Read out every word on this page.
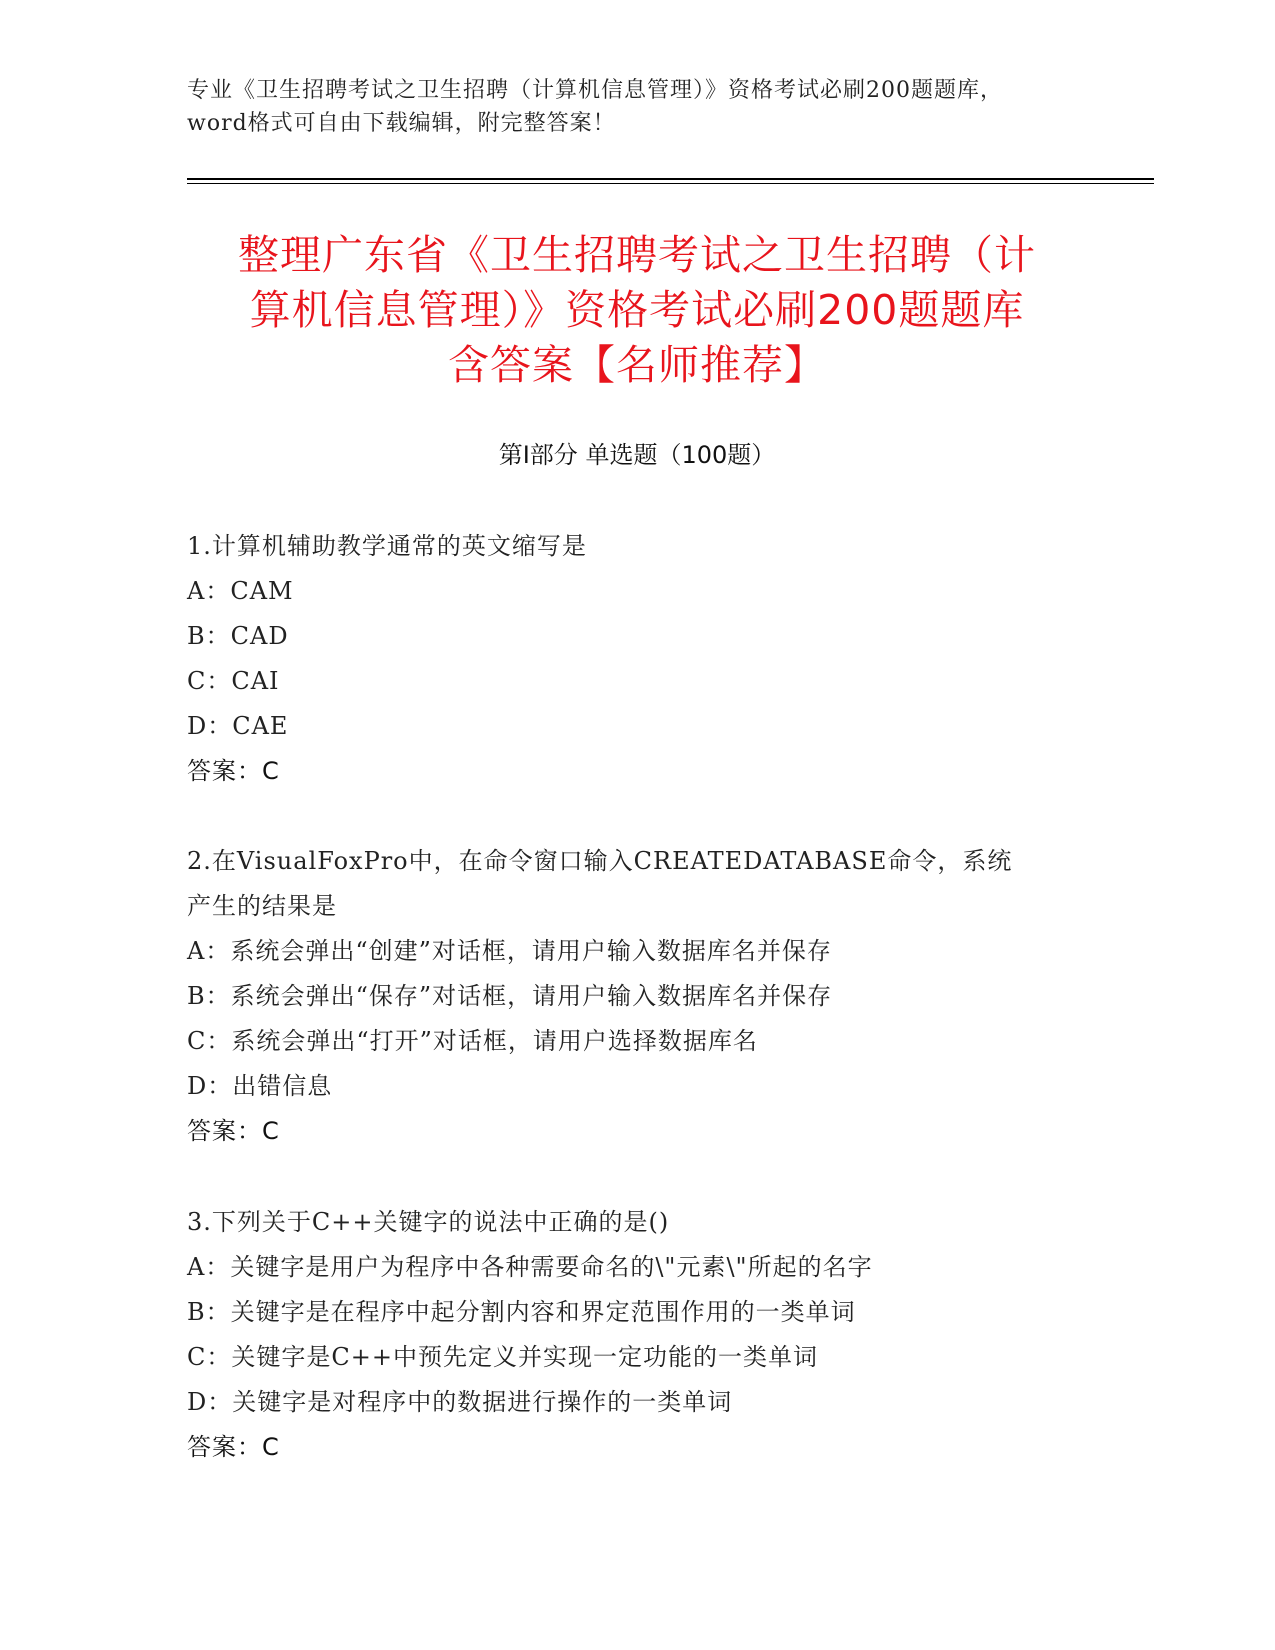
专业《卫生招聘考试之卫生招聘（计算机信息管理）》资格考试必刷200题题库，
word格式可自由下载编辑，附完整答案！
整理广东省《卫生招聘考试之卫生招聘（计
算机信息管理）》资格考试必刷200题题库
含答案【名师推荐】
第Ⅰ部分 单选题（100题）
1.计算机辅助教学通常的英文缩写是
A：CAM
B：CAD
C：CAI
D：CAE
答案：C
2.在VisualFoxPro中，在命令窗口输入CREATEDATABASE命令，系统
产生的结果是
A：系统会弹出“创建”对话框，请用户输入数据库名并保存
B：系统会弹出“保存”对话框，请用户输入数据库名并保存
C：系统会弹出“打开”对话框，请用户选择数据库名
D：出错信息
答案：C
3.下列关于C++关键字的说法中正确的是()
A：关键字是用户为程序中各种需要命名的\"元素\"所起的名字
B：关键字是在程序中起分割内容和界定范围作用的一类单词
C：关键字是C++中预先定义并实现一定功能的一类单词
D：关键字是对程序中的数据进行操作的一类单词
答案：C
